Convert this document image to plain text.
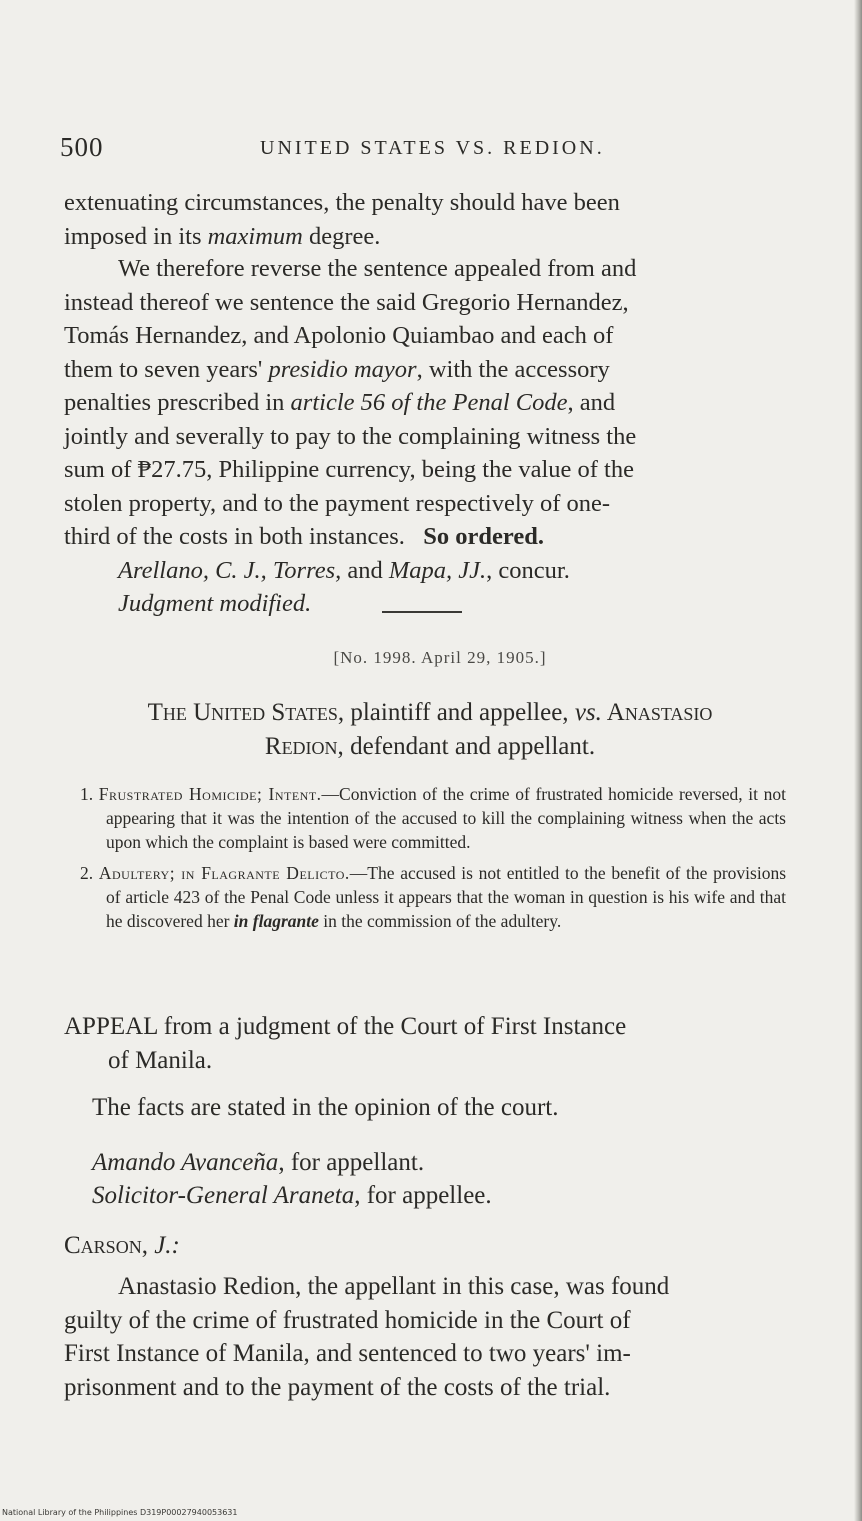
500	UNITED STATES VS. REDION.
extenuating circumstances, the penalty should have been
imposed in its maximum degree.
We therefore reverse the sentence appealed from and
instead thereof we sentence the said Gregorio Hernandez,
Tomás Hernandez, and Apolonio Quiambao and each of
them to seven years' presidio mayor, with the accessory
penalties prescribed in article 56 of the Penal Code, and
jointly and severally to pay to the complaining witness the
sum of ₱27.75, Philippine currency, being the value of the
stolen property, and to the payment respectively of one-
third of the costs in both instances. So ordered.
Arellano, C. J., Torres, and Mapa, JJ., concur.
Judgment modified.
[No. 1998. April 29, 1905.]
The United States, plaintiff and appellee, vs. Anastasio
Redion, defendant and appellant.

1. Frustrated Homicide; Intent.—Conviction of the crime of frustrated homicide reversed, it not appearing that it was the intention of the accused to kill the complaining witness when the acts upon which the complaint is based were committed.

2. Adultery; in Flagrante Delicto.—The accused is not entitled to the benefit of the provisions of article 423 of the Penal Code unless it appears that the woman in question is his wife and that he discovered her in flagrante in the commission of the adultery.

APPEAL from a judgment of the Court of First Instance
of Manila.
The facts are stated in the opinion of the court.
Amando Avanceña, for appellant.
Solicitor-General Araneta, for appellee.
Carson, J.:
Anastasio Redion, the appellant in this case, was found
guilty of the crime of frustrated homicide in the Court of
First Instance of Manila, and sentenced to two years' im-
prisonment and to the payment of the costs of the trial.
National Library of the Philippines D319P00027940053631
